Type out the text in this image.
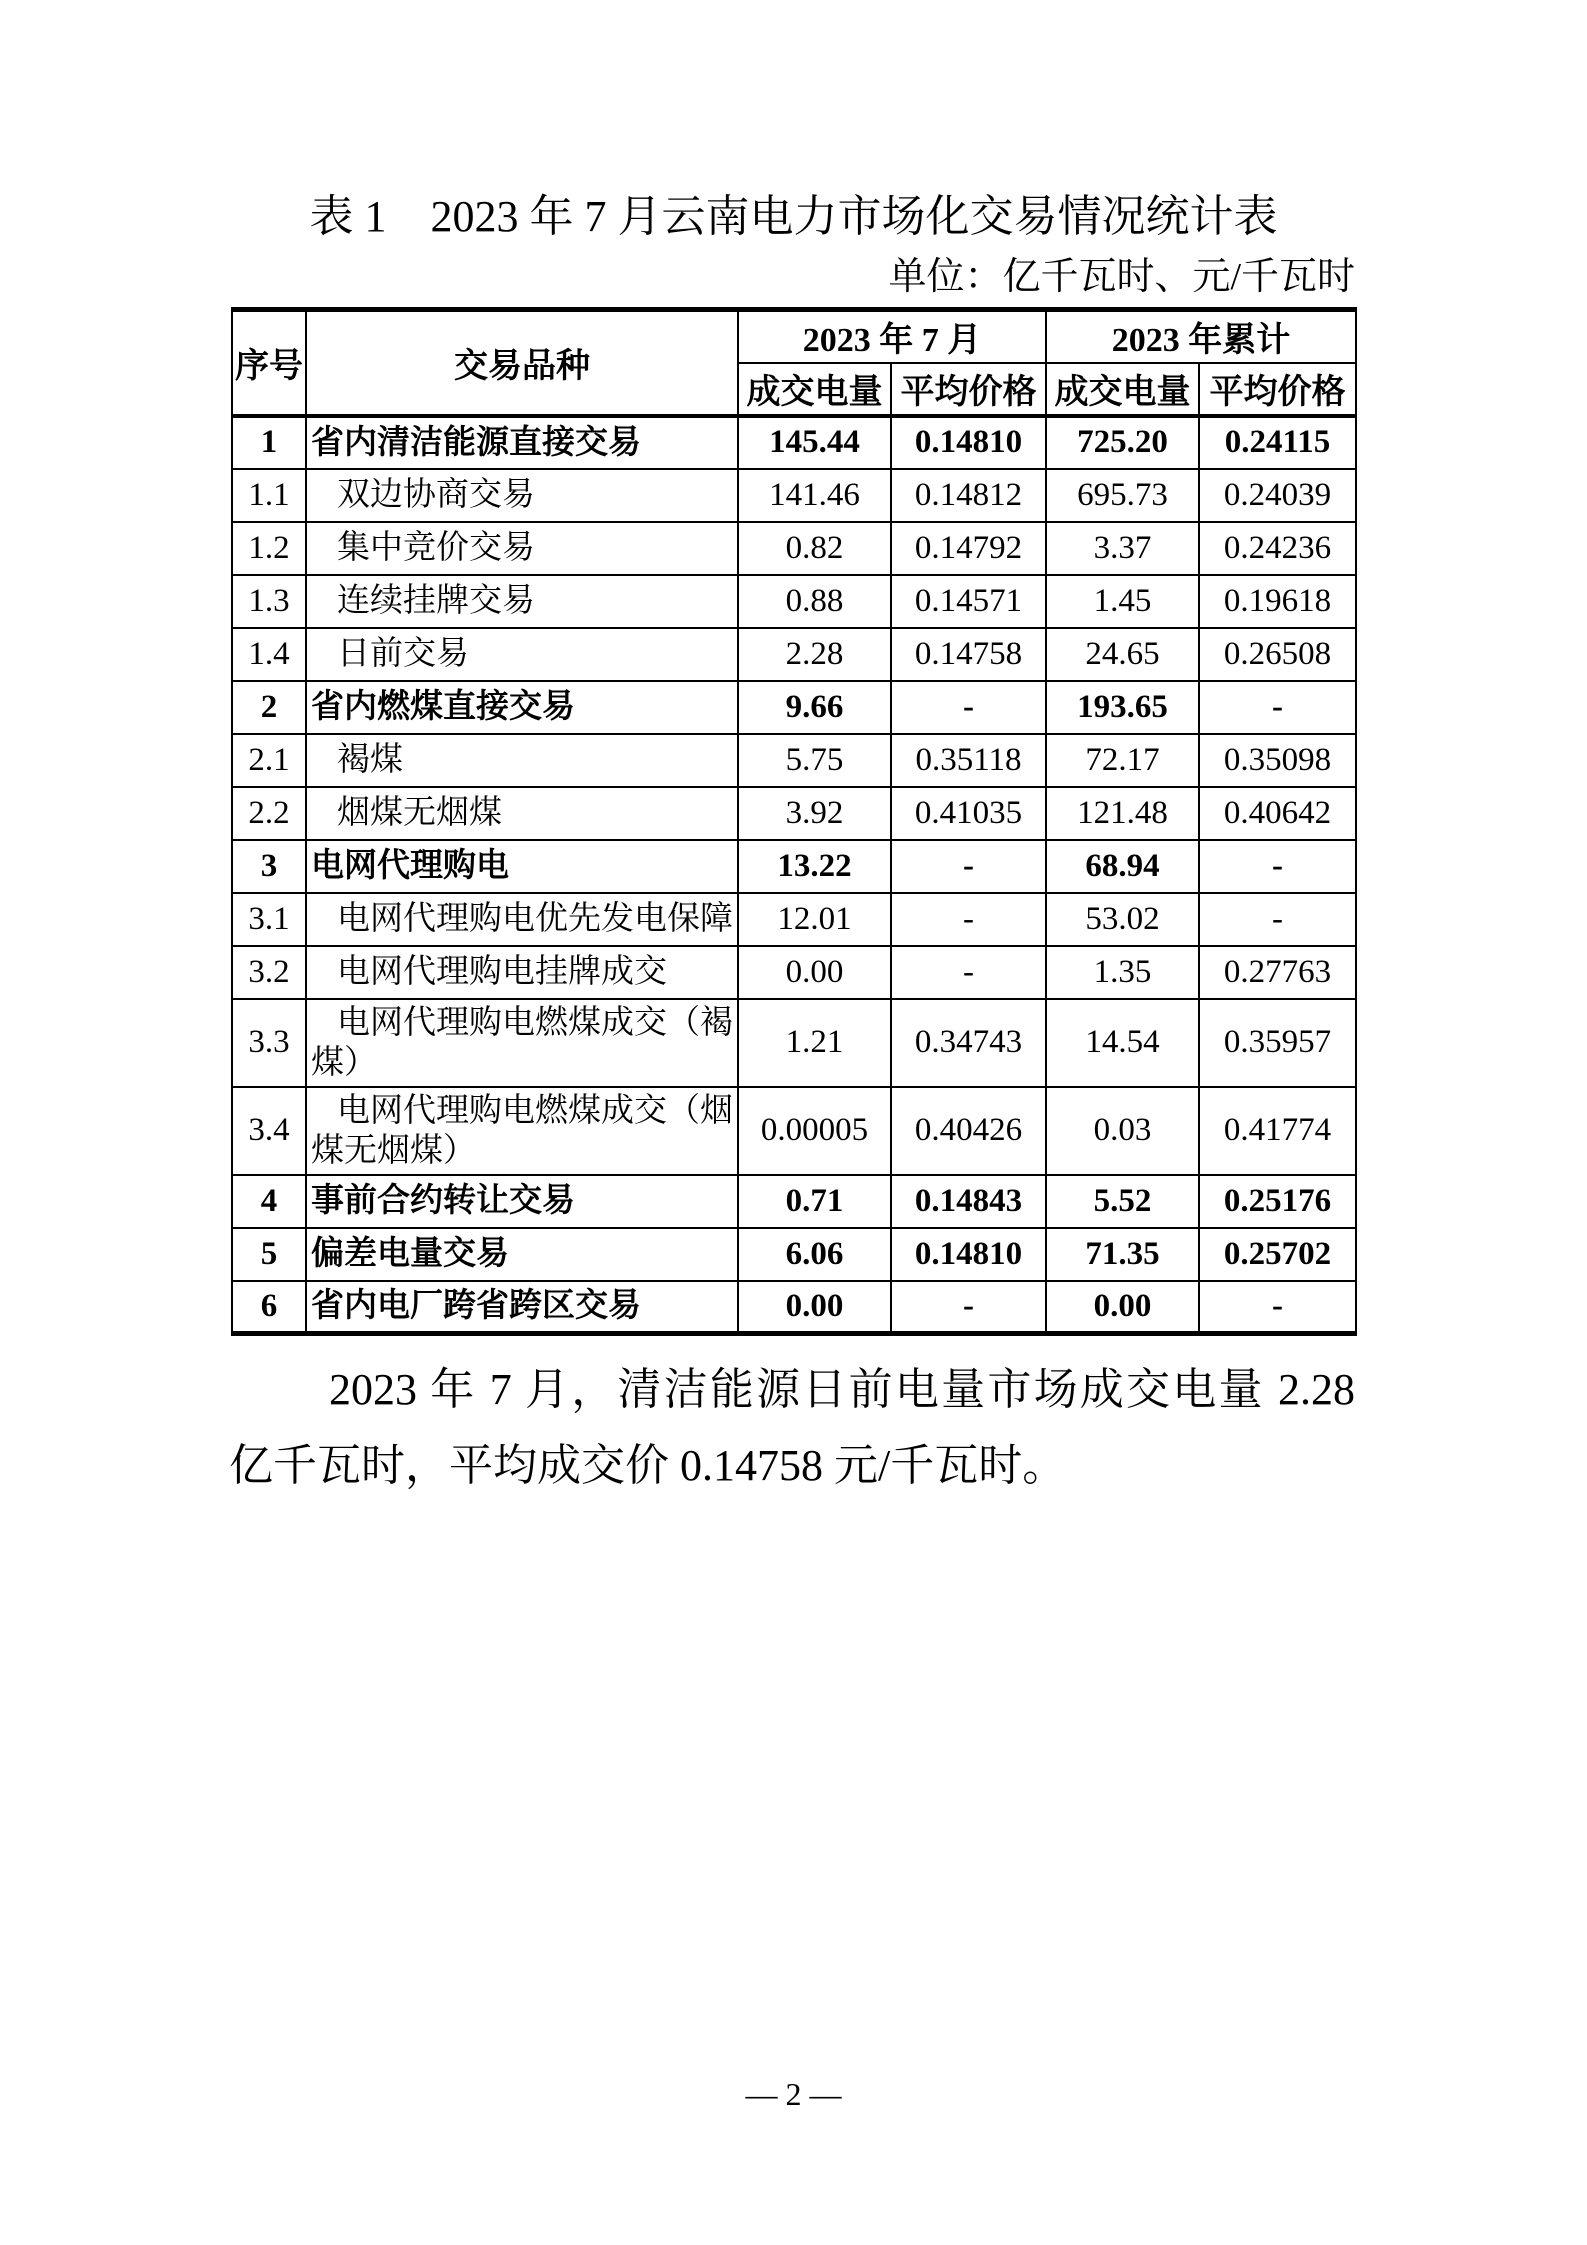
表 1　2023 年 7 月云南电力市场化交易情况统计表
单位：亿千瓦时、元/千瓦时
序号	交易品种	2023 年 7 月		2023 年累计	
		成交电量	平均价格	成交电量	平均价格
1	省内清洁能源直接交易	145.44	0.14810	725.20	0.24115
1.1	双边协商交易	141.46	0.14812	695.73	0.24039
1.2	集中竞价交易	0.82	0.14792	3.37	0.24236
1.3	连续挂牌交易	0.88	0.14571	1.45	0.19618
1.4	日前交易	2.28	0.14758	24.65	0.26508
2	省内燃煤直接交易	9.66	-	193.65	-
2.1	褐煤	5.75	0.35118	72.17	0.35098
2.2	烟煤无烟煤	3.92	0.41035	121.48	0.40642
3	电网代理购电	13.22	-	68.94	-
3.1	电网代理购电优先发电保障	12.01	-	53.02	-
3.2	电网代理购电挂牌成交	0.00	-	1.35	0.27763
3.3	电网代理购电燃煤成交（褐煤）	1.21	0.34743	14.54	0.35957
3.4	电网代理购电燃煤成交（烟煤无烟煤）	0.00005	0.40426	0.03	0.41774
4	事前合约转让交易	0.71	0.14843	5.52	0.25176
5	偏差电量交易	6.06	0.14810	71.35	0.25702
6	省内电厂跨省跨区交易	0.00	-	0.00	-

2023 年 7 月，清洁能源日前电量市场成交电量 2.28 亿千瓦时，平均成交价 0.14758 元/千瓦时。

— 2 —
